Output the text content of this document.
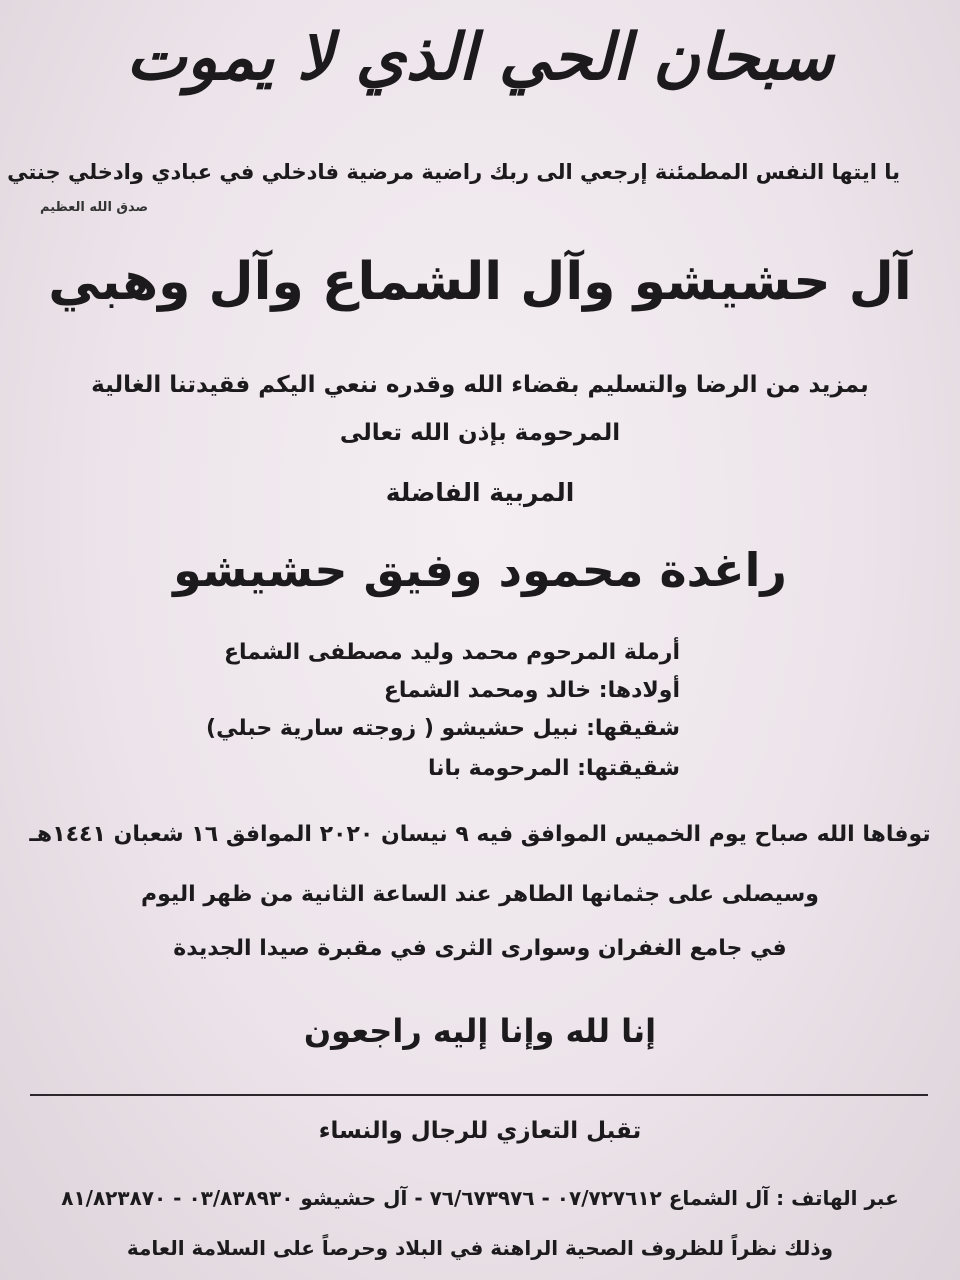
سبحان الحي الذي لا يموت
يا ايتها النفس المطمئنة إرجعي الى ربك راضية مرضية فادخلي في عبادي وادخلي جنتي
صدق الله العظيم
آل حشيشو وآل الشماع وآل وهبي
بمزيد من الرضا والتسليم بقضاء الله وقدره ننعي اليكم فقيدتنا الغالية
المرحومة بإذن الله تعالى
المربية الفاضلة
راغدة محمود وفيق حشيشو
أرملة المرحوم محمد وليد مصطفى الشماع
أولادها: خالد ومحمد الشماع
شقيقها: نبيل حشيشو ( زوجته سارية حبلي)
شقيقتها: المرحومة بانا
توفاها الله صباح يوم الخميس الموافق فيه ٩ نيسان ٢٠٢٠ الموافق ١٦ شعبان ١٤٤١هـ
وسيصلى على جثمانها الطاهر عند الساعة الثانية من ظهر اليوم
في جامع الغفران وسوارى الثرى في مقبرة صيدا الجديدة
إنا لله وإنا إليه راجعون
تقبل التعازي للرجال والنساء
عبر الهاتف : آل الشماع ٠٧/٧٢٧٦١٢ - ٧٦/٦٧٣٩٧٦ - آل حشيشو ٠٣/٨٣٨٩٣٠ - ٨١/٨٢٣٨٧٠
وذلك نظراً للظروف الصحية الراهنة في البلاد وحرصاً على السلامة العامة
